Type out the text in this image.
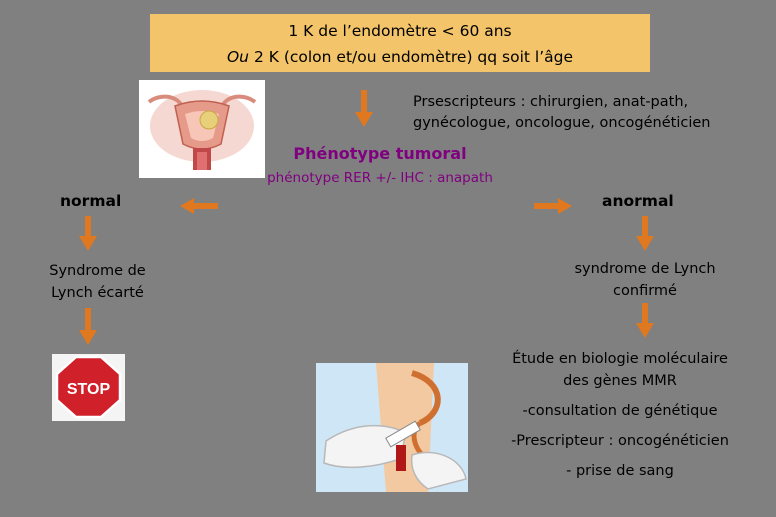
1 K de l’endomètre < 60 ans
Ou 2 K (colon et/ou endomètre) qq soit l’âge
Prsescripteurs : chirurgien, anat-path,
gynécologue, oncologue, oncogénéticien
Phénotype tumoral
phénotype RER +/- IHC : anapath
normal
Syndrome de
Lynch écarté
STOP
anormal
syndrome de Lynch
confirmé
Étude en biologie moléculaire
des gènes MMR
-consultation de génétique
-Prescripteur : oncogénéticien
- prise de sang
